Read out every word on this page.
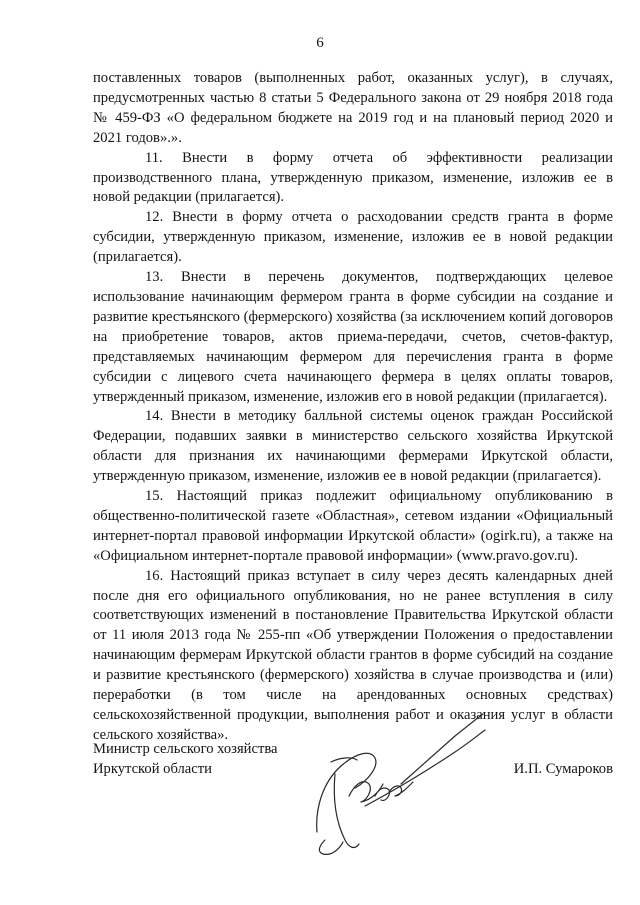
6

поставленных товаров (выполненных работ, оказанных услуг), в случаях, предусмотренных частью 8 статьи 5 Федерального закона от 29 ноября 2018 года № 459-ФЗ «О федеральном бюджете на 2019 год и на плановый период 2020 и 2021 годов».».

11. Внести в форму отчета об эффективности реализации производственного плана, утвержденную приказом, изменение, изложив ее в новой редакции (прилагается).

12. Внести в форму отчета о расходовании средств гранта в форме субсидии, утвержденную приказом, изменение, изложив ее в новой редакции (прилагается).

13. Внести в перечень документов, подтверждающих целевое использование начинающим фермером гранта в форме субсидии на создание и развитие крестьянского (фермерского) хозяйства (за исключением копий договоров на приобретение товаров, актов приема-передачи, счетов, счетов-фактур, представляемых начинающим фермером для перечисления гранта в форме субсидии с лицевого счета начинающего фермера в целях оплаты товаров, утвержденный приказом, изменение, изложив его в новой редакции (прилагается).

14. Внести в методику балльной системы оценок граждан Российской Федерации, подавших заявки в министерство сельского хозяйства Иркутской области для признания их начинающими фермерами Иркутской области, утвержденную приказом, изменение, изложив ее в новой редакции (прилагается).

15. Настоящий приказ подлежит официальному опубликованию в общественно-политической газете «Областная», сетевом издании «Официальный интернет-портал правовой информации Иркутской области» (ogirk.ru), а также на «Официальном интернет-портале правовой информации» (www.pravo.gov.ru).

16. Настоящий приказ вступает в силу через десять календарных дней после дня его официального опубликования, но не ранее вступления в силу соответствующих изменений в постановление Правительства Иркутской области от 11 июля 2013 года № 255-пп «Об утверждении Положения о предоставлении начинающим фермерам Иркутской области грантов в форме субсидий на создание и развитие крестьянского (фермерского) хозяйства в случае производства и (или) переработки (в том числе на арендованных основных средствах) сельскохозяйственной продукции, выполнения работ и оказания услуг в области сельского хозяйства».

Министр сельского хозяйства
Иркутской области	И.П. Сумароков
